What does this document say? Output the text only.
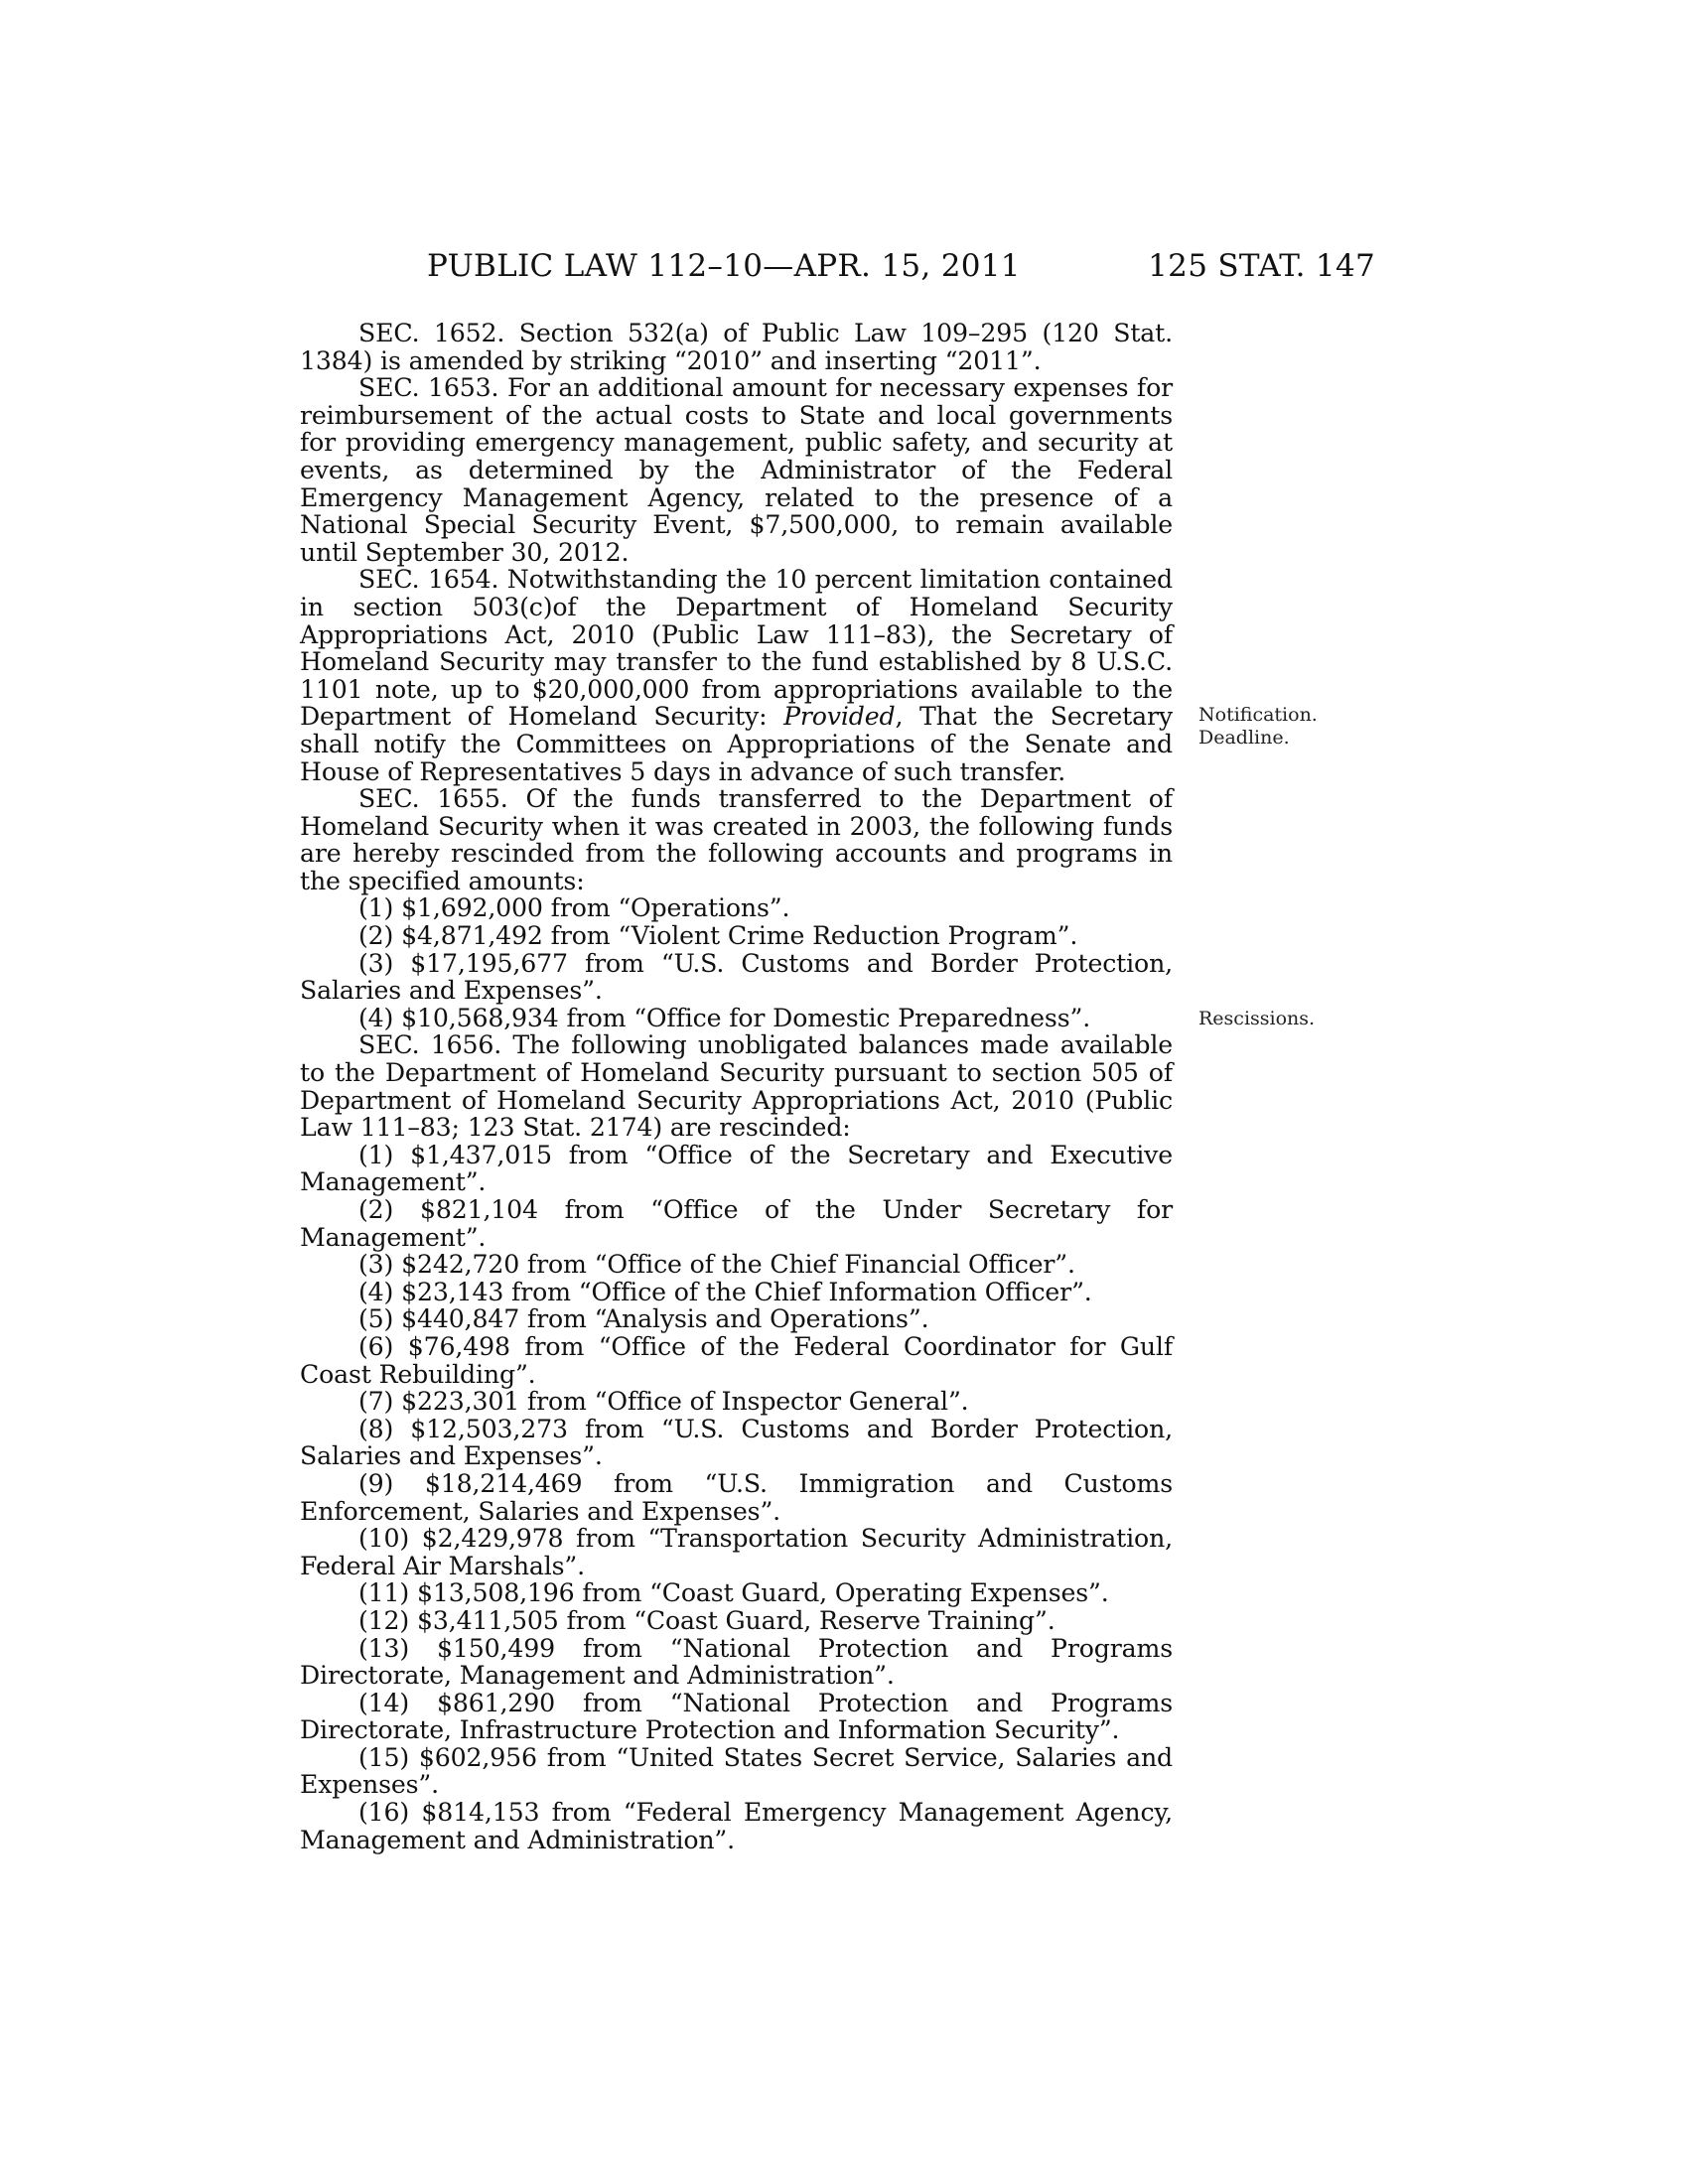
PUBLIC LAW 112–10—APR. 15, 2011	125 STAT. 147

SEC. 1652. Section 532(a) of Public Law 109–295 (120 Stat. 1384) is amended by striking “2010” and inserting “2011”.

SEC. 1653. For an additional amount for necessary expenses for reimbursement of the actual costs to State and local governments for providing emergency management, public safety, and security at events, as determined by the Administrator of the Federal Emergency Management Agency, related to the presence of a National Special Security Event, $7,500,000, to remain available until September 30, 2012.

SEC. 1654. Notwithstanding the 10 percent limitation contained in section 503(c)of the Department of Homeland Security Appropriations Act, 2010 (Public Law 111–83), the Secretary of Homeland Security may transfer to the fund established by 8 U.S.C. 1101 note, up to $20,000,000 from appropriations available to the Department of Homeland Security: Provided, That the Secretary shall notify the Committees on Appropriations of the Senate and House of Representatives 5 days in advance of such transfer.

SEC. 1655. Of the funds transferred to the Department of Homeland Security when it was created in 2003, the following funds are hereby rescinded from the following accounts and programs in the specified amounts:

(1) $1,692,000 from “Operations”.
(2) $4,871,492 from “Violent Crime Reduction Program”.
(3) $17,195,677 from “U.S. Customs and Border Protection, Salaries and Expenses”.
(4) $10,568,934 from “Office for Domestic Preparedness”.

SEC. 1656. The following unobligated balances made available to the Department of Homeland Security pursuant to section 505 of Department of Homeland Security Appropriations Act, 2010 (Public Law 111–83; 123 Stat. 2174) are rescinded:

(1) $1,437,015 from “Office of the Secretary and Executive Management”.
(2) $821,104 from “Office of the Under Secretary for Management”.
(3) $242,720 from “Office of the Chief Financial Officer”.
(4) $23,143 from “Office of the Chief Information Officer”.
(5) $440,847 from “Analysis and Operations”.
(6) $76,498 from “Office of the Federal Coordinator for Gulf Coast Rebuilding”.
(7) $223,301 from “Office of Inspector General”.
(8) $12,503,273 from “U.S. Customs and Border Protection, Salaries and Expenses”.
(9) $18,214,469 from “U.S. Immigration and Customs Enforcement, Salaries and Expenses”.
(10) $2,429,978 from “Transportation Security Administration, Federal Air Marshals”.
(11) $13,508,196 from “Coast Guard, Operating Expenses”.
(12) $3,411,505 from “Coast Guard, Reserve Training”.
(13) $150,499 from “National Protection and Programs Directorate, Management and Administration”.
(14) $861,290 from “National Protection and Programs Directorate, Infrastructure Protection and Information Security”.
(15) $602,956 from “United States Secret Service, Salaries and Expenses”.
(16) $814,153 from “Federal Emergency Management Agency, Management and Administration”.
Notification.
Deadline.
Rescissions.
